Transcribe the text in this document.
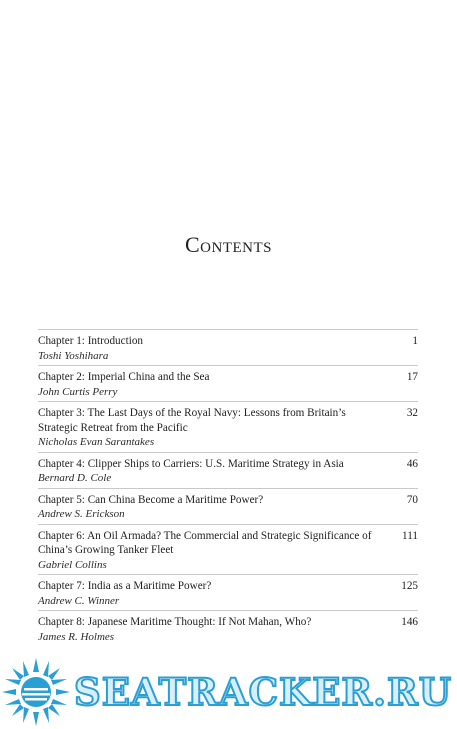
Contents
Chapter 1: Introduction
Toshi Yoshihara
1
Chapter 2: Imperial China and the Sea
John Curtis Perry
17
Chapter 3: The Last Days of the Royal Navy: Lessons from Britain’s Strategic Retreat from the Pacific
Nicholas Evan Sarantakes
32
Chapter 4: Clipper Ships to Carriers: U.S. Maritime Strategy in Asia
Bernard D. Cole
46
Chapter 5: Can China Become a Maritime Power?
Andrew S. Erickson
70
Chapter 6: An Oil Armada? The Commercial and Strategic Significance of China’s Growing Tanker Fleet
Gabriel Collins
111
Chapter 7: India as a Maritime Power?
Andrew C. Winner
125
Chapter 8: Japanese Maritime Thought: If Not Mahan, Who?
James R. Holmes
146
SEATRACKER.RU
